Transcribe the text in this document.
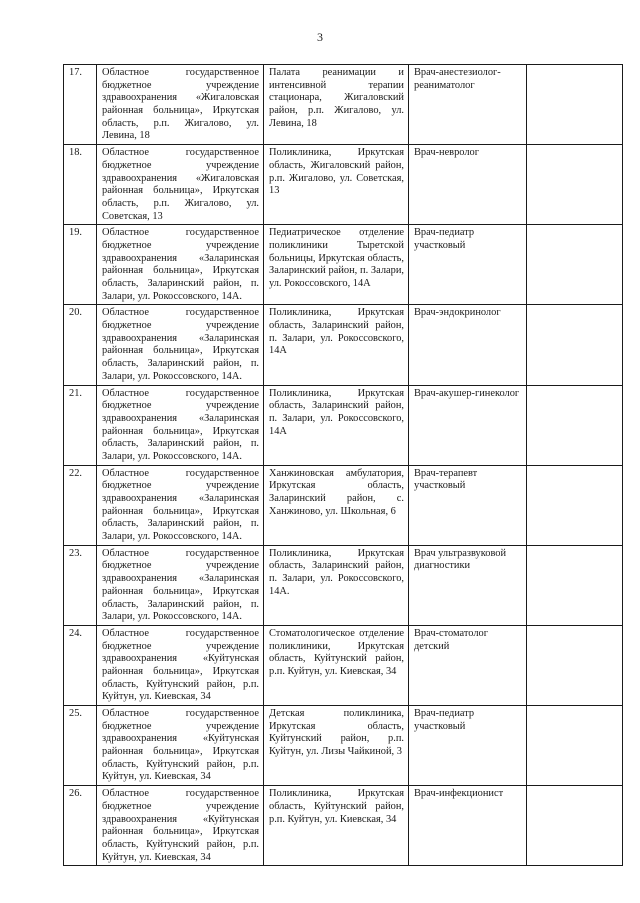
3
17.	Областное государственное бюджетное учреждение здравоохранения «Жигаловская районная больница», Иркутская область, р.п. Жигалово, ул. Левина, 18	Палата реанимации и интенсивной терапии стационара, Жигаловский район, р.п. Жигалово, ул. Левина, 18	Врач-анестезиолог-реаниматолог	

18.	Областное государственное бюджетное учреждение здравоохранения «Жигаловская районная больница», Иркутская область, р.п. Жигалово, ул. Советская, 13	Поликлиника, Иркутская область, Жигаловский район, р.п. Жигалово, ул. Советская, 13	Врач-невролог	

19.	Областное государственное бюджетное учреждение здравоохранения «Заларинская районная больница», Иркутская область, Заларинский район, п. Залари, ул. Рокоссовского, 14А.	Педиатрическое отделение поликлиники Тыретской больницы, Иркутская область, Заларинский район, п. Залари, ул. Рокоссовского, 14А	Врач-педиатр участковый	

20.	Областное государственное бюджетное учреждение здравоохранения «Заларинская районная больница», Иркутская область, Заларинский район, п. Залари, ул. Рокоссовского, 14А.	Поликлиника, Иркутская область, Заларинский район, п. Залари, ул. Рокоссовского, 14А	Врач-эндокринолог	

21.	Областное государственное бюджетное учреждение здравоохранения «Заларинская районная больница», Иркутская область, Заларинский район, п. Залари, ул. Рокоссовского, 14А.	Поликлиника, Иркутская область, Заларинский район, п. Залари, ул. Рокоссовского, 14А	Врач-акушер-гинеколог	

22.	Областное государственное бюджетное учреждение здравоохранения «Заларинская районная больница», Иркутская область, Заларинский район, п. Залари, ул. Рокоссовского, 14А.	Ханжиновская амбулатория, Иркутская область, Заларинский район, с. Ханжиново, ул. Школьная, 6	Врач-терапевт участковый	

23.	Областное государственное бюджетное учреждение здравоохранения «Заларинская районная больница», Иркутская область, Заларинский район, п. Залари, ул. Рокоссовского, 14А.	Поликлиника, Иркутская область, Заларинский район, п. Залари, ул. Рокоссовского, 14А.	Врач ультразвуковой диагностики	

24.	Областное государственное бюджетное учреждение здравоохранения «Куйтунская районная больница», Иркутская область, Куйтунский район, р.п. Куйтун, ул. Киевская, 34	Стоматологическое отделение поликлиники, Иркутская область, Куйтунский район, р.п. Куйтун, ул. Киевская, 34	Врач-стоматолог детский	

25.	Областное государственное бюджетное учреждение здравоохранения «Куйтунская районная больница», Иркутская область, Куйтунский район, р.п. Куйтун, ул. Киевская, 34	Детская поликлиника, Иркутская область, Куйтунский район, р.п. Куйтун, ул. Лизы Чайкиной, 3	Врач-педиатр участковый	

26.	Областное государственное бюджетное учреждение здравоохранения «Куйтунская районная больница», Иркутская область, Куйтунский район, р.п. Куйтун, ул. Киевская, 34	Поликлиника, Иркутская область, Куйтунский район, р.п. Куйтун, ул. Киевская, 34	Врач-инфекционист	
